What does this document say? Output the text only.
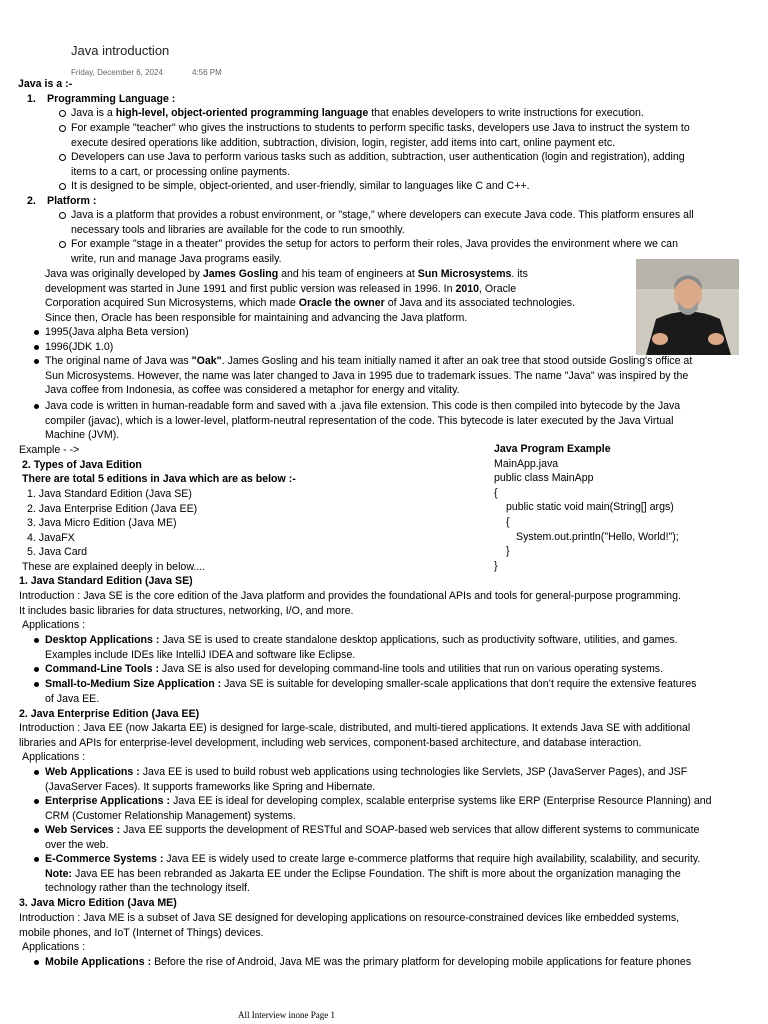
Java introduction
Friday, December 6, 2024	4:56 PM
Java is a :-
1. Programming Language :
Java is a high-level, object-oriented programming language that enables developers to write instructions for execution.
For example "teacher" who gives the instructions to students to perform specific tasks, developers use Java to instruct the system to
execute desired operations like addition, subtraction, division, login, register, add items into cart, online payment etc.
Developers can use Java to perform various tasks such as addition, subtraction, user authentication (login and registration), adding
items to a cart, or processing online payments.
It is designed to be simple, object-oriented, and user-friendly, similar to languages like C and C++.
2. Platform :
Java is a platform that provides a robust environment, or "stage," where developers can execute Java code. This platform ensures all
necessary tools and libraries are available for the code to run smoothly.
For example "stage in a theater" provides the setup for actors to perform their roles, Java provides the environment where we can
write, run and manage Java programs easily.
Java was originally developed by James Gosling and his team of engineers at Sun Microsystems. its
development was started in June 1991 and first public version was released in 1996. In 2010, Oracle
Corporation acquired Sun Microsystems, which made Oracle the owner of Java and its associated technologies.
Since then, Oracle has been responsible for maintaining and advancing the Java platform.
1995(Java alpha Beta version)
1996(JDK 1.0)
The original name of Java was "Oak". James Gosling and his team initially named it after an oak tree that stood outside Gosling's office at
Sun Microsystems. However, the name was later changed to Java in 1995 due to trademark issues. The name "Java" was inspired by the
Java coffee from Indonesia, as coffee was considered a metaphor for energy and vitality.
Java code is written in human-readable form and saved with a .java file extension. This code is then compiled into bytecode by the Java
compiler (javac), which is a lower-level, platform-neutral representation of the code. This bytecode is later executed by the Java Virtual
Machine (JVM).
Example - ->
2. Types of Java Edition
There are total 5 editions in Java which are as below :-
1. Java Standard Edition (Java SE)
2. Java Enterprise Edition (Java EE)
3. Java Micro Edition (Java ME)
4. JavaFX
5. Java Card
These are explained deeply in below....
Java Program Example
MainApp.java
public class MainApp
{
public static void main(String[] args)
{
System.out.println("Hello, World!");
}
}
1. Java Standard Edition (Java SE)
Introduction : Java SE is the core edition of the Java platform and provides the foundational APIs and tools for general-purpose programming.
It includes basic libraries for data structures, networking, I/O, and more.
Applications :
Desktop Applications : Java SE is used to create standalone desktop applications, such as productivity software, utilities, and games.
Examples include IDEs like IntelliJ IDEA and software like Eclipse.
Command-Line Tools : Java SE is also used for developing command-line tools and utilities that run on various operating systems.
Small-to-Medium Size Application : Java SE is suitable for developing smaller-scale applications that don’t require the extensive features
of Java EE.
2. Java Enterprise Edition (Java EE)
Introduction : Java EE (now Jakarta EE) is designed for large-scale, distributed, and multi-tiered applications. It extends Java SE with additional
libraries and APIs for enterprise-level development, including web services, component-based architecture, and database interaction.
Applications :
Web Applications : Java EE is used to build robust web applications using technologies like Servlets, JSP (JavaServer Pages), and JSF
(JavaServer Faces). It supports frameworks like Spring and Hibernate.
Enterprise Applications : Java EE is ideal for developing complex, scalable enterprise systems like ERP (Enterprise Resource Planning) and
CRM (Customer Relationship Management) systems.
Web Services : Java EE supports the development of RESTful and SOAP-based web services that allow different systems to communicate
over the web.
E-Commerce Systems : Java EE is widely used to create large e-commerce platforms that require high availability, scalability, and security.
Note: Java EE has been rebranded as Jakarta EE under the Eclipse Foundation. The shift is more about the organization managing the
technology rather than the technology itself.
3. Java Micro Edition (Java ME)
Introduction : Java ME is a subset of Java SE designed for developing applications on resource-constrained devices like embedded systems,
mobile phones, and IoT (Internet of Things) devices.
Applications :
Mobile Applications : Before the rise of Android, Java ME was the primary platform for developing mobile applications for feature phones
All Interview inone Page 1
